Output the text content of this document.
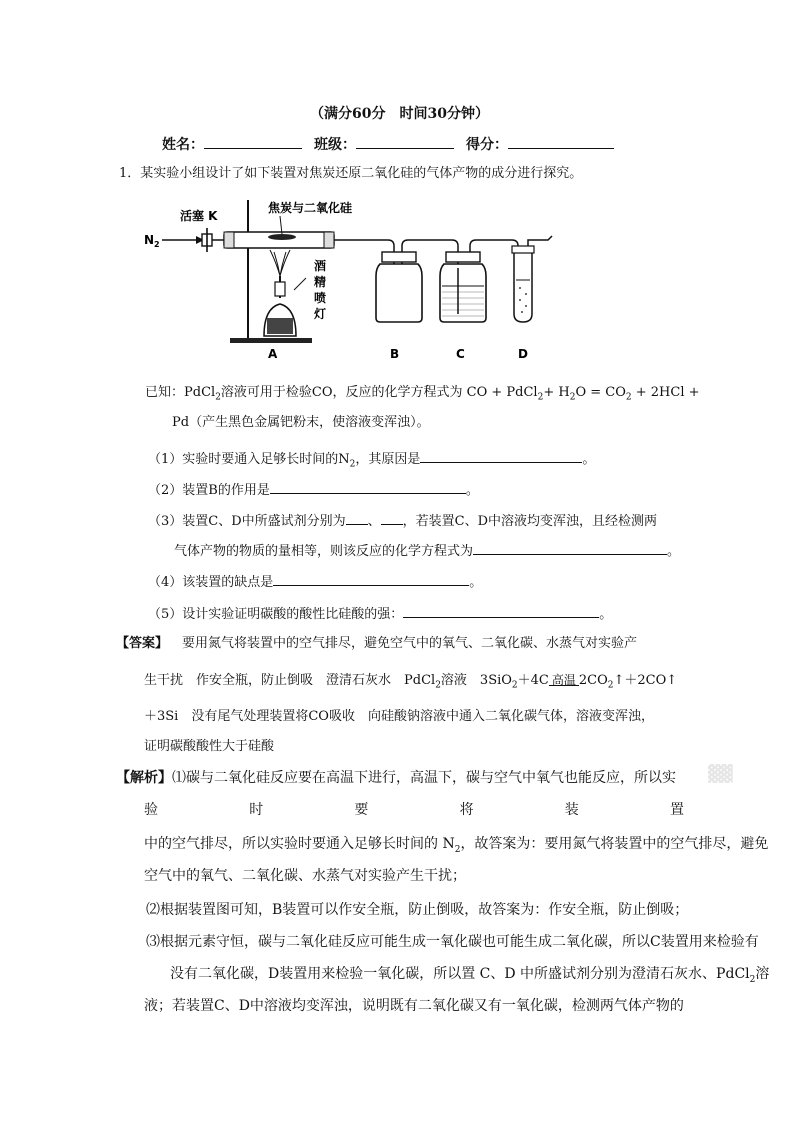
（满分60分　时间30分钟）
姓名：	班级：	得分：
1．某实验小组设计了如下装置对焦炭还原二氧化硅的气体产物的成分进行探究。
$N_2$
活塞 K
焦炭与二氧化硅
酒
精
喷
灯
A	B	C	D
已知：PdCl$_2$溶液可用于检验CO，反应的化学方程式为 CO + PdCl$_2$+ $H_2O = CO_2 + 2HCl$ +
Pd（产生黑色金属钯粉末，使溶液变浑浊）。
（1）实验时要通入足够长时间的$N_2$，其原因是	。
（2）装置B的作用是	。
（3）装置C、D中所盛试剂分别为 、 ，若装置C、D中溶液均变浑浊，且经检测两
气体产物的物质的量相等，则该反应的化学方程式为	。
（4）该装置的缺点是	。
（5）设计实验证明碳酸的酸性比硅酸的强：	。
【答案】 要用氮气将装置中的空气排尽，避免空气中的氧气、二氧化碳、水蒸气对实验产
生干扰　作安全瓶，防止倒吸　澄清石灰水　PdCl$_2$溶液　3SiO$_2$＋4C 高温 $2CO_2↑+2CO↑$
＋3Si　没有尾气处理装置将CO吸收　向硅酸钠溶液中通入二氧化碳气体，溶液变浑浊，
证明碳酸酸性大于硅酸
【解析】⑴碳与二氧化硅反应要在高温下进行，高温下，碳与空气中氧气也能反应，所以实
验	时	要	将	装	置
中的空气排尽，所以实验时要通入足够长时间的 $N_2$，故答案为：要用氮气将装置中的空气排尽，避免
空气中的氧气、二氧化碳、水蒸气对实验产生干扰；
⑵根据装置图可知，B装置可以作安全瓶，防止倒吸，故答案为：作安全瓶，防止倒吸；
⑶根据元素守恒，碳与二氧化硅反应可能生成一氧化碳也可能生成二氧化碳，所以C装置用来检验有
没有二氧化碳，D装置用来检验一氧化碳，所以置 C、D 中所盛试剂分别为澄清石灰水、PdCl$_2$溶
液；若装置C、D中溶液均变浑浊，说明既有二氧化碳又有一氧化碳，检测两气体产物的
▓▓
